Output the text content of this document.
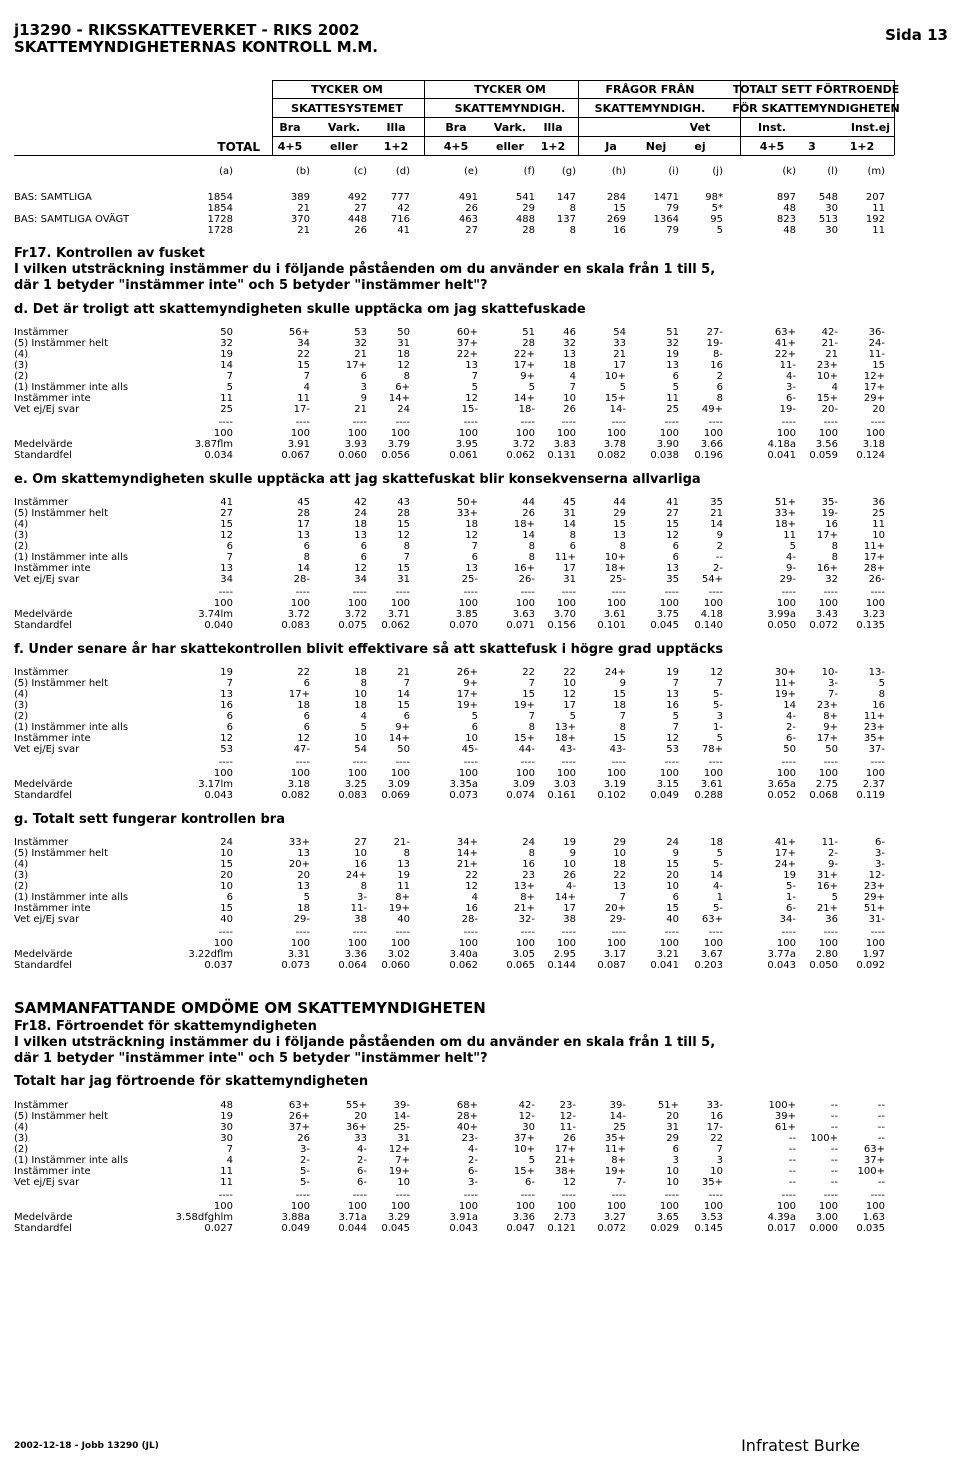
j13290 - RIKSSKATTEVERKET - RIKS 2002
SKATTEMYNDIGHETERNAS KONTROLL M.M.
Sida 13
TYCKER OM
SKATTESYSTEMET
TYCKER OM
SKATTEMYNDIGH.
FRÅGOR FRÅN
SKATTEMYNDIGH.
TOTALT SETT FÖRTROENDE
FÖR SKATTEMYNDIGHETEN
Bra	Vark.	Illa	Bra	Vark.	Illa	Vet	Inst.	Inst.ej
TOTAL	4+5	eller	1+2	4+5	eller	1+2	Ja	Nej	ej	4+5	3	1+2
(a)	(b)	(c)	(d)	(e)	(f)	(g)	(h)	(i)	(j)	(k)	(l)	(m)
BAS: SAMTLIGA	1854	389	492	777	491	541	147	284	1471	98*	897	548	207
1854	21	27	42	26	29	8	15	79	5*	48	30	11
BAS: SAMTLIGA OVÄGT	1728	370	448	716	463	488	137	269	1364	95	823	513	192
1728	21	26	41	27	28	8	16	79	5	48	30	11
Fr17. Kontrollen av fusket
I vilken utsträckning instämmer du i följande påståenden om du använder en skala från 1 till 5,
där 1 betyder "instämmer inte" och 5 betyder "instämmer helt"?
d. Det är troligt att skattemyndigheten skulle upptäcka om jag skattefuskade
Instämmer	50	56+	53	50	60+	51	46	54	51	27-	63+	42-	36-
(5) Instämmer helt	32	34	32	31	37+	28	32	33	32	19-	41+	21-	24-
(4)	19	22	21	18	22+	22+	13	21	19	8-	22+	21	11-
(3)	14	15	17+	12	13	17+	18	17	13	16	11-	23+	15
(2)	7	7	6	8	7	9+	4	10+	6	2	4-	10+	12+
(1) Instämmer inte alls	5	4	3	6+	5	5	7	5	5	6	3-	4	17+
Instämmer inte	11	11	9	14+	12	14+	10	15+	11	8	6-	15+	29+
Vet ej/Ej svar	25	17-	21	24	15-	18-	26	14-	25	49+	19-	20-	20
----	----	----	----	----	----	----	----	----	----	----	----	----
100	100	100	100	100	100	100	100	100	100	100	100	100
Medelvärde	3.87flm	3.91	3.93	3.79	3.95	3.72	3.83	3.78	3.90	3.66	4.18a	3.56	3.18
Standardfel	0.034	0.067	0.060	0.056	0.061	0.062	0.131	0.082	0.038	0.196	0.041	0.059	0.124
e. Om skattemyndigheten skulle upptäcka att jag skattefuskat blir konsekvenserna allvarliga
Instämmer	41	45	42	43	50+	44	45	44	41	35	51+	35-	36
(5) Instämmer helt	27	28	24	28	33+	26	31	29	27	21	33+	19-	25
(4)	15	17	18	15	18	18+	14	15	15	14	18+	16	11
(3)	12	13	13	12	12	14	8	13	12	9	11	17+	10
(2)	6	6	6	8	7	8	6	8	6	2	5	8	11+
(1) Instämmer inte alls	7	8	6	7	6	8	11+	10+	6	--	4-	8	17+
Instämmer inte	13	14	12	15	13	16+	17	18+	13	2-	9-	16+	28+
Vet ej/Ej svar	34	28-	34	31	25-	26-	31	25-	35	54+	29-	32	26-
----	----	----	----	----	----	----	----	----	----	----	----	----
100	100	100	100	100	100	100	100	100	100	100	100	100
Medelvärde	3.74lm	3.72	3.72	3.71	3.85	3.63	3.70	3.61	3.75	4.18	3.99a	3.43	3.23
Standardfel	0.040	0.083	0.075	0.062	0.070	0.071	0.156	0.101	0.045	0.140	0.050	0.072	0.135
f. Under senare år har skattekontrollen blivit effektivare så att skattefusk i högre grad upptäcks
Instämmer	19	22	18	21	26+	22	22	24+	19	12	30+	10-	13-
(5) Instämmer helt	7	6	8	7	9+	7	10	9	7	7	11+	3-	5
(4)	13	17+	10	14	17+	15	12	15	13	5-	19+	7-	8
(3)	16	18	18	15	19+	19+	17	18	16	5-	14	23+	16
(2)	6	6	4	6	5	7	5	7	5	3	4-	8+	11+
(1) Instämmer inte alls	6	6	5	9+	6	8	13+	8	7	1-	2-	9+	23+
Instämmer inte	12	12	10	14+	10	15+	18+	15	12	5	6-	17+	35+
Vet ej/Ej svar	53	47-	54	50	45-	44-	43-	43-	53	78+	50	50	37-
----	----	----	----	----	----	----	----	----	----	----	----	----
100	100	100	100	100	100	100	100	100	100	100	100	100
Medelvärde	3.17lm	3.18	3.25	3.09	3.35a	3.09	3.03	3.19	3.15	3.61	3.65a	2.75	2.37
Standardfel	0.043	0.082	0.083	0.069	0.073	0.074	0.161	0.102	0.049	0.288	0.052	0.068	0.119
g. Totalt sett fungerar kontrollen bra
Instämmer	24	33+	27	21-	34+	24	19	29	24	18	41+	11-	6-
(5) Instämmer helt	10	13	10	8	14+	8	9	10	9	5	17+	2-	3-
(4)	15	20+	16	13	21+	16	10	18	15	5-	24+	9-	3-
(3)	20	20	24+	19	22	23	26	22	20	14	19	31+	12-
(2)	10	13	8	11	12	13+	4-	13	10	4-	5-	16+	23+
(1) Instämmer inte alls	6	5	3-	8+	4	8+	14+	7	6	1	1-	5	29+
Instämmer inte	15	18	11-	19+	16	21+	17	20+	15	5-	6-	21+	51+
Vet ej/Ej svar	40	29-	38	40	28-	32-	38	29-	40	63+	34-	36	31-
----	----	----	----	----	----	----	----	----	----	----	----	----
100	100	100	100	100	100	100	100	100	100	100	100	100
Medelvärde	3.22dflm	3.31	3.36	3.02	3.40a	3.05	2.95	3.17	3.21	3.67	3.77a	2.80	1.97
Standardfel	0.037	0.073	0.064	0.060	0.062	0.065	0.144	0.087	0.041	0.203	0.043	0.050	0.092
SAMMANFATTANDE OMDÖME OM SKATTEMYNDIGHETEN
Fr18. Förtroendet för skattemyndigheten
I vilken utsträckning instämmer du i följande påståenden om du använder en skala från 1 till 5,
där 1 betyder "instämmer inte" och 5 betyder "instämmer helt"?
Totalt har jag förtroende för skattemyndigheten
Instämmer	48	63+	55+	39-	68+	42-	23-	39-	51+	33-	100+	--	--
(5) Instämmer helt	19	26+	20	14-	28+	12-	12-	14-	20	16	39+	--	--
(4)	30	37+	36+	25-	40+	30	11-	25	31	17-	61+	--	--
(3)	30	26	33	31	23-	37+	26	35+	29	22	--	100+	--
(2)	7	3-	4-	12+	4-	10+	17+	11+	6	7	--	--	63+
(1) Instämmer inte alls	4	2-	2-	7+	2-	5	21+	8+	3	3	--	--	37+
Instämmer inte	11	5-	6-	19+	6-	15+	38+	19+	10	10	--	--	100+
Vet ej/Ej svar	11	5-	6-	10	3-	6-	12	7-	10	35+	--	--	--
----	----	----	----	----	----	----	----	----	----	----	----	----
100	100	100	100	100	100	100	100	100	100	100	100	100
Medelvärde	3.58dfghlm	3.88a	3.71a	3.29	3.91a	3.36	2.73	3.27	3.65	3.53	4.39a	3.00	1.63
Standardfel	0.027	0.049	0.044	0.045	0.043	0.047	0.121	0.072	0.029	0.145	0.017	0.000	0.035
2002-12-18 - Jobb 13290 (JL)	Infratest Burke
